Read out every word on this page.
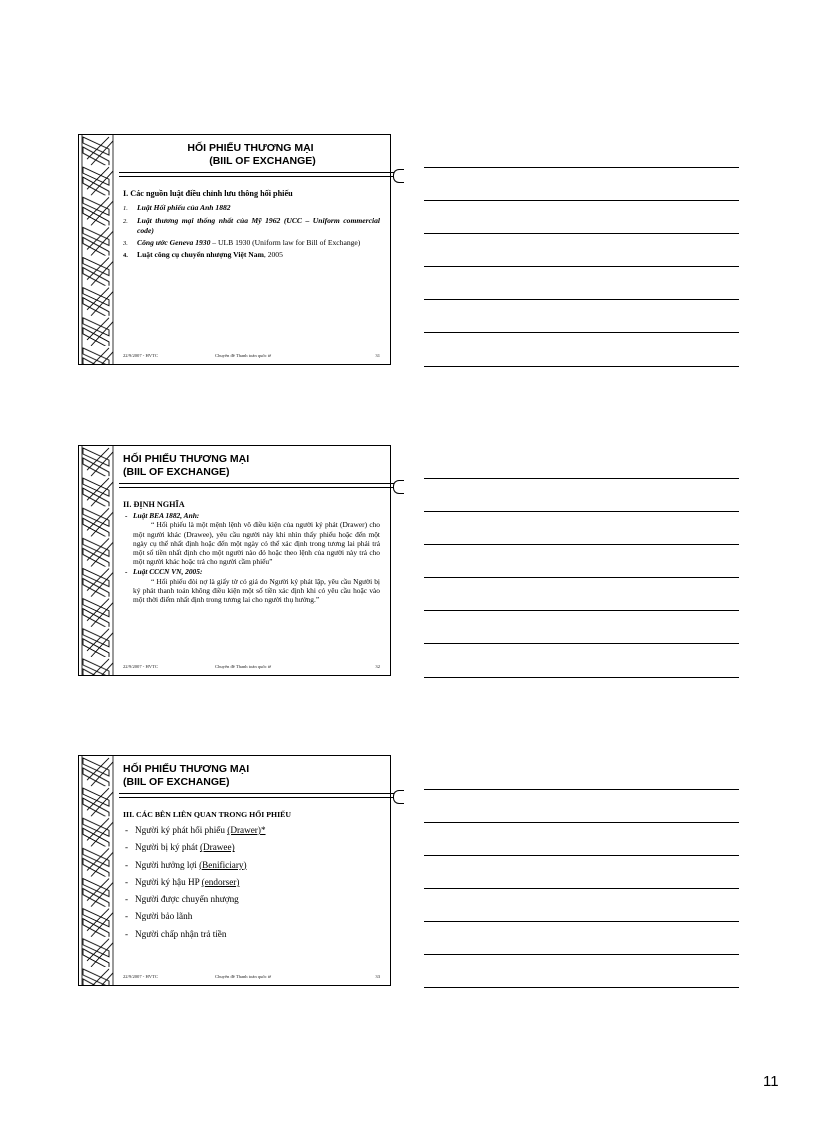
HỐI PHIẾU THƯƠNG MẠI
(BIIL OF EXCHANGE)
I. Các nguồn luật điều chỉnh lưu thông hối phiếu
1. Luật Hối phiếu của Anh 1882
2. Luật thương mại thống nhất của Mỹ 1962 (UCC – Uniform commercial code)
3. Công ước Geneva 1930 – ULB 1930 (Uniform law for Bill of Exchange)
4. Luật công cụ chuyển nhượng Việt Nam, 2005
22/9/2007 - HVTC	Chuyên đề Thanh toán quốc tế	31
HỐI PHIẾU THƯƠNG MẠI
(BIIL OF EXCHANGE)
II. ĐỊNH NGHĨA
- Luật BEA 1882, Anh:
“ Hối phiếu là một mệnh lệnh vô điều kiện của người ký phát (Drawer) cho một người khác (Drawee), yêu cầu người này khi nhìn thấy phiếu hoặc đến một ngày cụ thể nhất định hoặc đến một ngày có thể xác định trong tương lai phải trả một số tiền nhất định cho một người nào đó hoặc theo lệnh của người này trả cho một người khác hoặc trả cho người cầm phiếu”
- Luật CCCN VN, 2005:
“ Hối phiếu đòi nợ là giấy tờ có giá do Người ký phát lập, yêu cầu Người bị ký phát thanh toán không điều kiện một số tiền xác định khi có yêu cầu hoặc vào một thời điểm nhất định trong tương lai cho người thụ hưởng.”
22/9/2007 - HVTC	Chuyên đề Thanh toán quốc tế	32
HỐI PHIẾU THƯƠNG MẠI
(BIIL OF EXCHANGE)
III. CÁC BÊN LIÊN QUAN TRONG HỐI PHIẾU
- Người ký phát hối phiếu (Drawer)*
- Người bị ký phát (Drawee)
- Người hưởng lợi (Benificiary)
- Người ký hậu HP (endorser)
- Người được chuyển nhượng
- Người bảo lãnh
- Người chấp nhận trả tiền
22/9/2007 - HVTC	Chuyên đề Thanh toán quốc tế	33
11
